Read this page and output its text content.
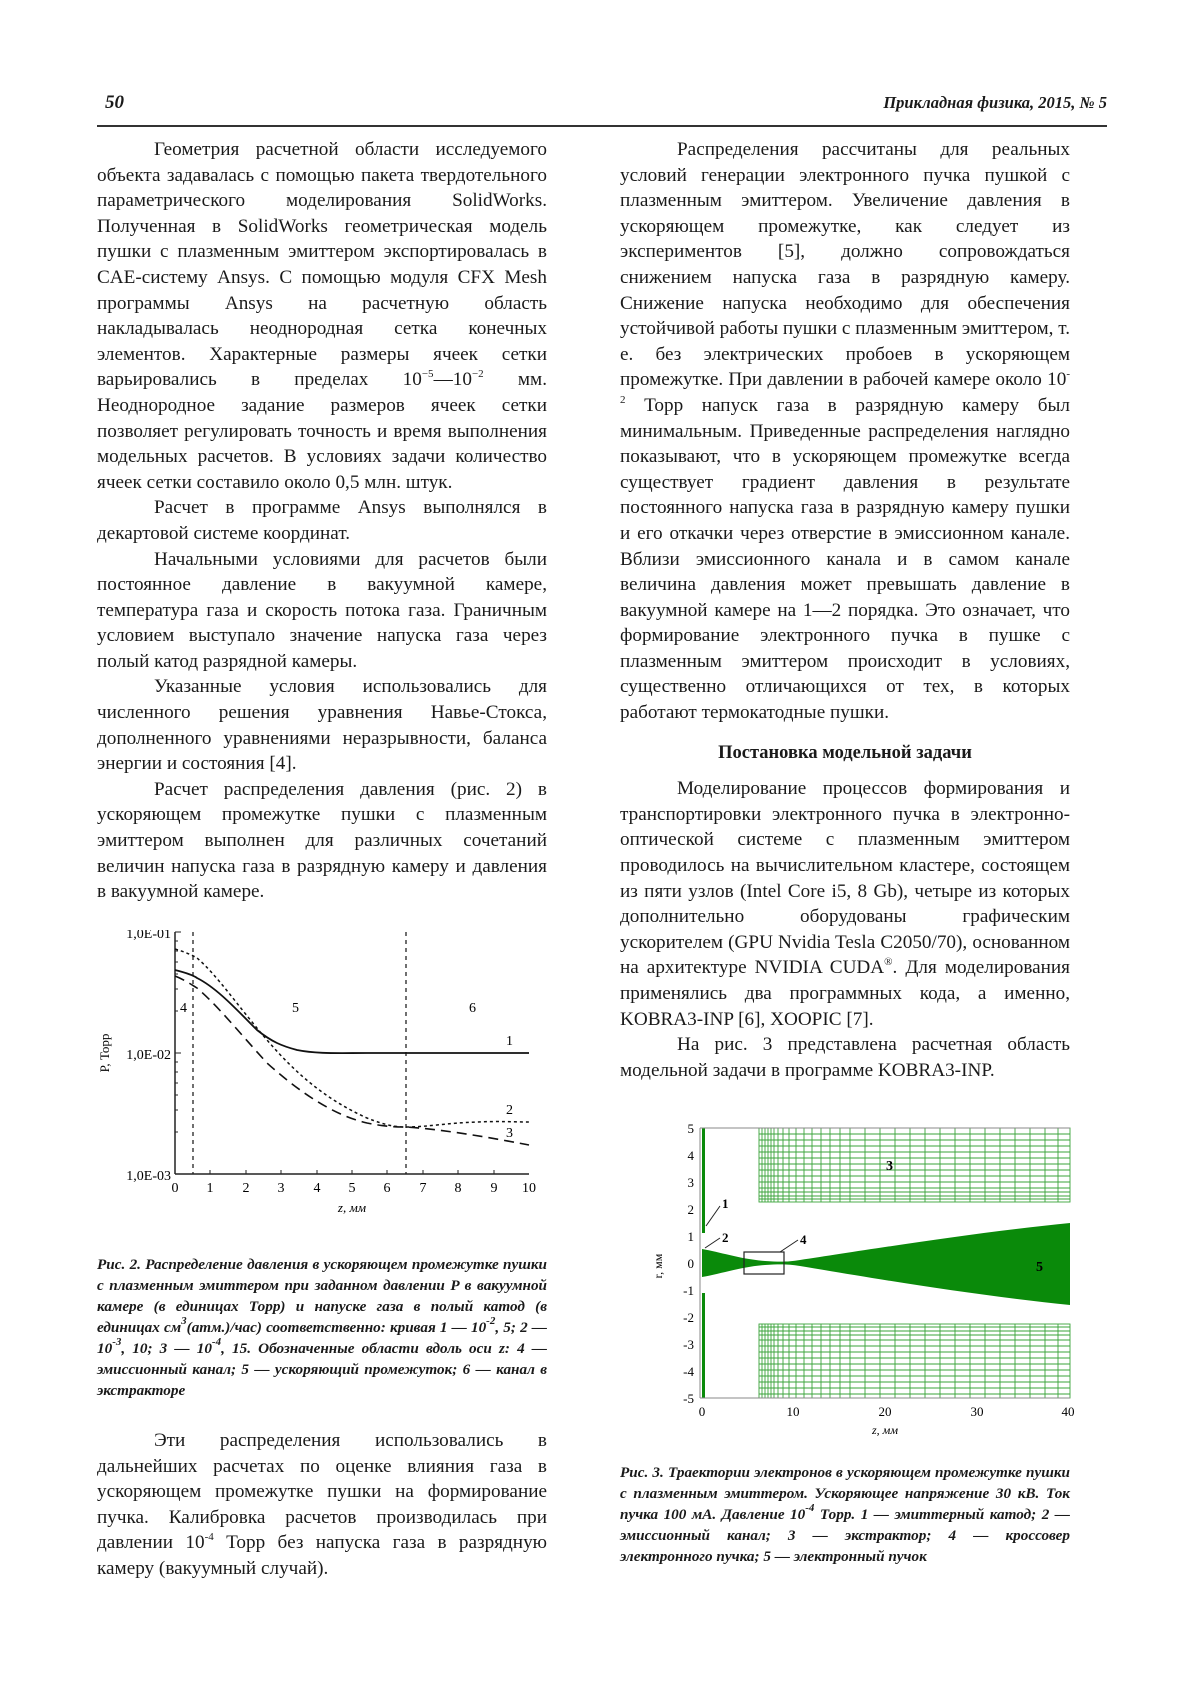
50	Прикладная физика, 2015, № 5

Геометрия расчетной области исследуемого объекта задавалась с помощью пакета твердотельного параметрического моделирования SolidWorks. Полученная в SolidWorks геометрическая модель пушки с плазменным эмиттером экспортировалась в CAE-систему Ansys. С помощью модуля CFX Mesh программы Ansys на расчетную область накладывалась неоднородная сетка конечных элементов. Характерные размеры ячеек сетки варьировались в пределах $10^{-5}—10^{-2}$ мм. Неоднородное задание размеров ячеек сетки позволяет регулировать точность и время выполнения модельных расчетов. В условиях задачи количество ячеек сетки составило около 0,5 млн. штук.

Расчет в программе Ansys выполнялся в декартовой системе координат.

Начальными условиями для расчетов были постоянное давление в вакуумной камере, температура газа и скорость потока газа. Граничным условием выступало значение напуска газа через полый катод разрядной камеры.

Указанные условия использовались для численного решения уравнения Навье-Стокса, дополненного уравнениями неразрывности, баланса энергии и состояния [4].

Расчет распределения давления (рис. 2) в ускоряющем промежутке пушки с плазменным эмиттером выполнен для различных сочетаний величин напуска газа в разрядную камеру и давления в вакуумной камере.

1,0E-01
1,0E-02
1,0E-03
0 1 2 3 4 5 6 7 8 9 10
z, мм
P, Торр
4	5	6
1
2
3
Рис. 2. Распределение давления в ускоряющем промежутке пушки с плазменным эмиттером при заданном давлении P в вакуумной камере (в единицах Торр) и напуске газа в полый катод (в единицах $см^3(атм.)/час$) соответственно: кривая 1 — $10^{-2}$, 5; 2 — $10^{-3}$, 10; 3 — $10^{-4}$, 15. Обозначенные области вдоль оси z: 4 — эмиссионный канал; 5 — ускоряющий промежуток; 6 — канал в экстракторе

Эти распределения использовались в дальнейших расчетах по оценке влияния газа в ускоряющем промежутке пушки на формирование пучка. Калибровка расчетов производилась при давлении $10^{-4}$ Торр без напуска газа в разрядную камеру (вакуумный случай).

Распределения рассчитаны для реальных условий генерации электронного пучка пушкой с плазменным эмиттером. Увеличение давления в ускоряющем промежутке, как следует из экспериментов [5], должно сопровождаться снижением напуска газа в разрядную камеру. Снижение напуска необходимо для обеспечения устойчивой работы пушки с плазменным эмиттером, т. е. без электрических пробоев в ускоряющем промежутке. При давлении в рабочей камере около $10^{-2}$ Торр напуск газа в разрядную камеру был минимальным. Приведенные распределения наглядно показывают, что в ускоряющем промежутке всегда существует градиент давления в результате постоянного напуска газа в разрядную камеру пушки и его откачки через отверстие в эмиссионном канале. Вблизи эмиссионного канала и в самом канале величина давления может превышать давление в вакуумной камере на 1—2 порядка. Это означает, что формирование электронного пучка в пушке с плазменным эмиттером происходит в условиях, существенно отличающихся от тех, в которых работают термокатодные пушки.

Постановка модельной задачи

Моделирование процессов формирования и транспортировки электронного пучка в электронно-оптической системе с плазменным эмиттером проводилось на вычислительном кластере, состоящем из пяти узлов (Intel Core i5, 8 Gb), четыре из которых дополнительно оборудованы графическим ускорителем (GPU Nvidia Tesla C2050/70), основанном на архитектуре NVIDIA CUDA®. Для моделирования применялись два программных кода, а именно, KOBRA3-INP [6], XOOPIC [7].

На рис. 3 представлена расчетная область модельной задачи в программе KOBRA3-INP.

5
4
3
2
1
0
-1
-2
-3
-4
-5
0	10	20	30	40
z, мм
r, мм
1
2
3
4
5
Рис. 3. Траектории электронов в ускоряющем промежутке пушки с плазменным эмиттером. Ускоряющее напряжение 30 кВ. Ток пучка 100 мА. Давление $10^{-4}$ Торр. 1 — эмиттерный катод; 2 — эмиссионный канал; 3 — экстрактор; 4 — кроссовер электронного пучка; 5 — электронный пучок
